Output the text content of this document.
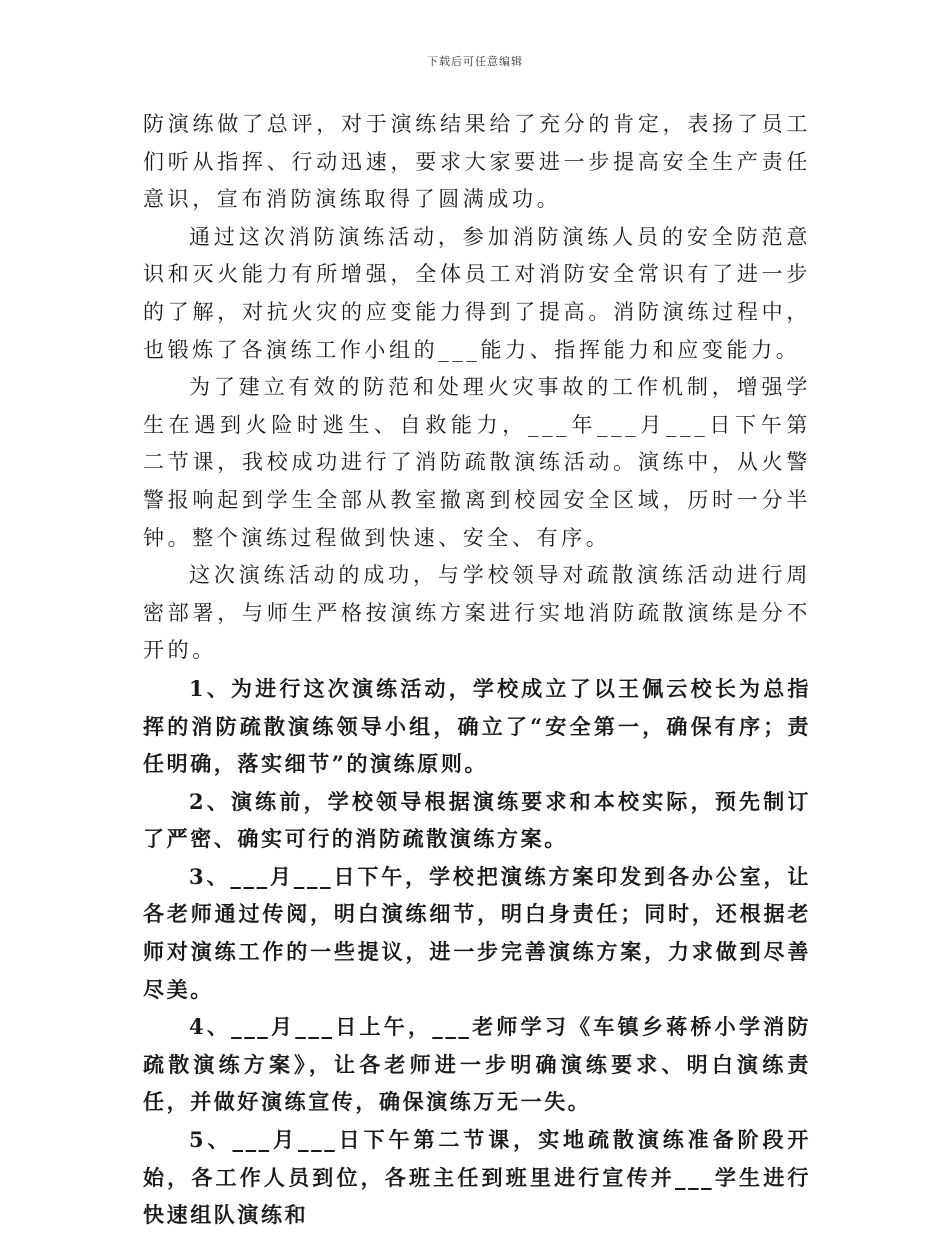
下载后可任意编辑

防演练做了总评，对于演练结果给了充分的肯定，表扬了员工们听从指挥、行动迅速，要求大家要进一步提高安全生产责任意识，宣布消防演练取得了圆满成功。

通过这次消防演练活动，参加消防演练人员的安全防范意识和灭火能力有所增强，全体员工对消防安全常识有了进一步的了解，对抗火灾的应变能力得到了提高。消防演练过程中，也锻炼了各演练工作小组的___能力、指挥能力和应变能力。

为了建立有效的防范和处理火灾事故的工作机制，增强学生在遇到火险时逃生、自救能力，___年___月___日下午第二节课，我校成功进行了消防疏散演练活动。演练中，从火警警报响起到学生全部从教室撤离到校园安全区域，历时一分半钟。整个演练过程做到快速、安全、有序。

这次演练活动的成功，与学校领导对疏散演练活动进行周密部署，与师生严格按演练方案进行实地消防疏散演练是分不开的。

1、为进行这次演练活动，学校成立了以王佩云校长为总指挥的消防疏散演练领导小组，确立了“安全第一，确保有序；责任明确，落实细节”的演练原则。

2、演练前，学校领导根据演练要求和本校实际，预先制订了严密、确实可行的消防疏散演练方案。

3、___月___日下午，学校把演练方案印发到各办公室，让各老师通过传阅，明白演练细节，明白身责任；同时，还根据老师对演练工作的一些提议，进一步完善演练方案，力求做到尽善尽美。

4、___月___日上午，___老师学习《车镇乡蒋桥小学消防疏散演练方案》，让各老师进一步明确演练要求、明白演练责任，并做好演练宣传，确保演练万无一失。

5、___月___日下午第二节课，实地疏散演练准备阶段开始，各工作人员到位，各班主任到班里进行宣传并___学生进行快速组队演练和
